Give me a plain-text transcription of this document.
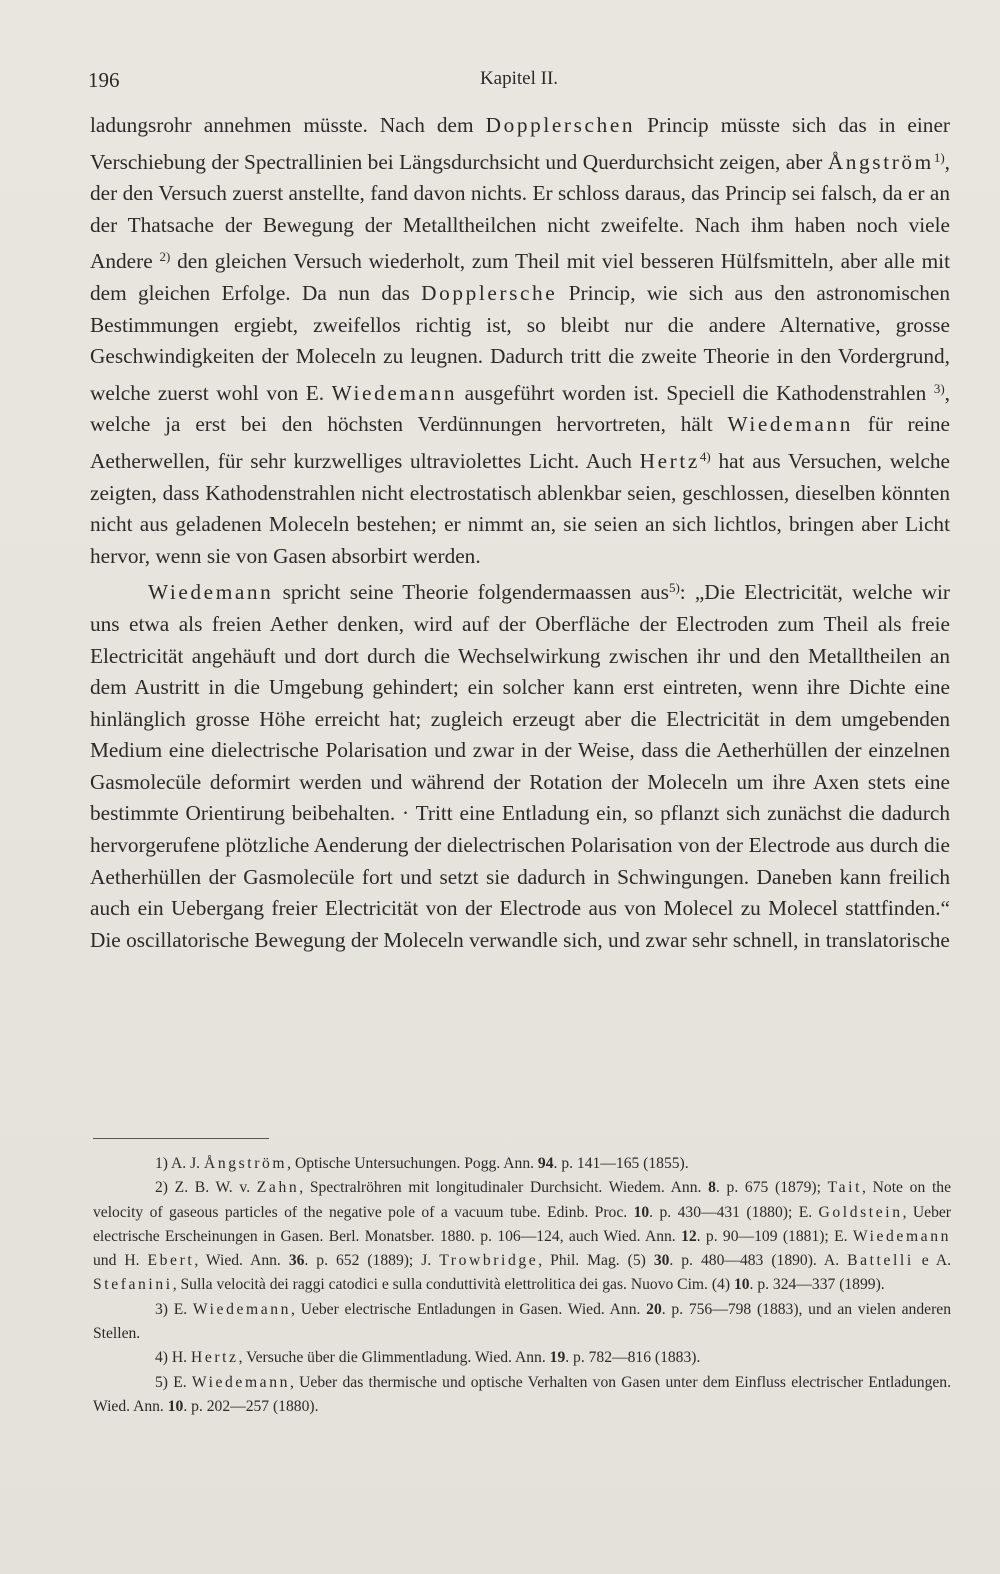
196	Kapitel II.

ladungsrohr annehmen müsste. Nach dem Dopplerschen Princip müsste sich das in einer Verschiebung der Spectrallinien bei Längsdurchsicht und Querdurchsicht zeigen, aber Ångström$^{1)}$, der den Versuch zuerst anstellte, fand davon nichts. Er schloss daraus, das Princip sei falsch, da er an der Thatsache der Bewegung der Metalltheilchen nicht zweifelte. Nach ihm haben noch viele Andere $^{2)}$ den gleichen Versuch wiederholt, zum Theil mit viel besseren Hülfsmitteln, aber alle mit dem gleichen Erfolge. Da nun das Dopplersche Princip, wie sich aus den astronomischen Bestimmungen ergiebt, zweifellos richtig ist, so bleibt nur die andere Alternative, grosse Geschwindigkeiten der Moleceln zu leugnen. Dadurch tritt die zweite Theorie in den Vordergrund, welche zuerst wohl von E. Wiedemann ausgeführt worden ist. Speciell die Kathodenstrahlen $^{3)}$, welche ja erst bei den höchsten Verdünnungen hervortreten, hält Wiedemann für reine Aetherwellen, für sehr kurzwelliges ultraviolettes Licht. Auch Hertz$^{4)}$ hat aus Versuchen, welche zeigten, dass Kathodenstrahlen nicht electrostatisch ablenkbar seien, geschlossen, dieselben könnten nicht aus geladenen Moleceln bestehen; er nimmt an, sie seien an sich lichtlos, bringen aber Licht hervor, wenn sie von Gasen absorbirt werden.

Wiedemann spricht seine Theorie folgendermaassen aus$^{5)}$: „Die Electricität, welche wir uns etwa als freien Aether denken, wird auf der Oberfläche der Electroden zum Theil als freie Electricität angehäuft und dort durch die Wechselwirkung zwischen ihr und den Metalltheilen an dem Austritt in die Umgebung gehindert; ein solcher kann erst eintreten, wenn ihre Dichte eine hinlänglich grosse Höhe erreicht hat; zugleich erzeugt aber die Electricität in dem umgebenden Medium eine dielectrische Polarisation und zwar in der Weise, dass die Aetherhüllen der einzelnen Gasmolecüle deformirt werden und während der Rotation der Moleceln um ihre Axen stets eine bestimmte Orientirung beibehalten. · Tritt eine Entladung ein, so pflanzt sich zunächst die dadurch hervorgerufene plötzliche Aenderung der dielectrischen Polarisation von der Electrode aus durch die Aetherhüllen der Gasmolecüle fort und setzt sie dadurch in Schwingungen. Daneben kann freilich auch ein Uebergang freier Electricität von der Electrode aus von Molecel zu Molecel stattfinden.“ Die oscillatorische Bewegung der Moleceln verwandle sich, und zwar sehr schnell, in translatorische

1) A. J. Ångström, Optische Untersuchungen. Pogg. Ann. 94. p. 141—165 (1855).

2) Z. B. W. v. Zahn, Spectralröhren mit longitudinaler Durchsicht. Wiedem. Ann. 8. p. 675 (1879); Tait, Note on the velocity of gaseous particles of the negative pole of a vacuum tube. Edinb. Proc. 10. p. 430—431 (1880); E. Goldstein, Ueber electrische Erscheinungen in Gasen. Berl. Monatsber. 1880. p. 106—124, auch Wied. Ann. 12. p. 90—109 (1881); E. Wiedemann und H. Ebert, Wied. Ann. 36. p. 652 (1889); J. Trowbridge, Phil. Mag. (5) 30. p. 480—483 (1890). A. Battelli e A. Stefanini, Sulla velocità dei raggi catodici e sulla conduttività elettrolitica dei gas. Nuovo Cim. (4) 10. p. 324—337 (1899).

3) E. Wiedemann, Ueber electrische Entladungen in Gasen. Wied. Ann. 20. p. 756—798 (1883), und an vielen anderen Stellen.

4) H. Hertz, Versuche über die Glimmentladung. Wied. Ann. 19. p. 782—816 (1883).

5) E. Wiedemann, Ueber das thermische und optische Verhalten von Gasen unter dem Einfluss electrischer Entladungen. Wied. Ann. 10. p. 202—257 (1880).
